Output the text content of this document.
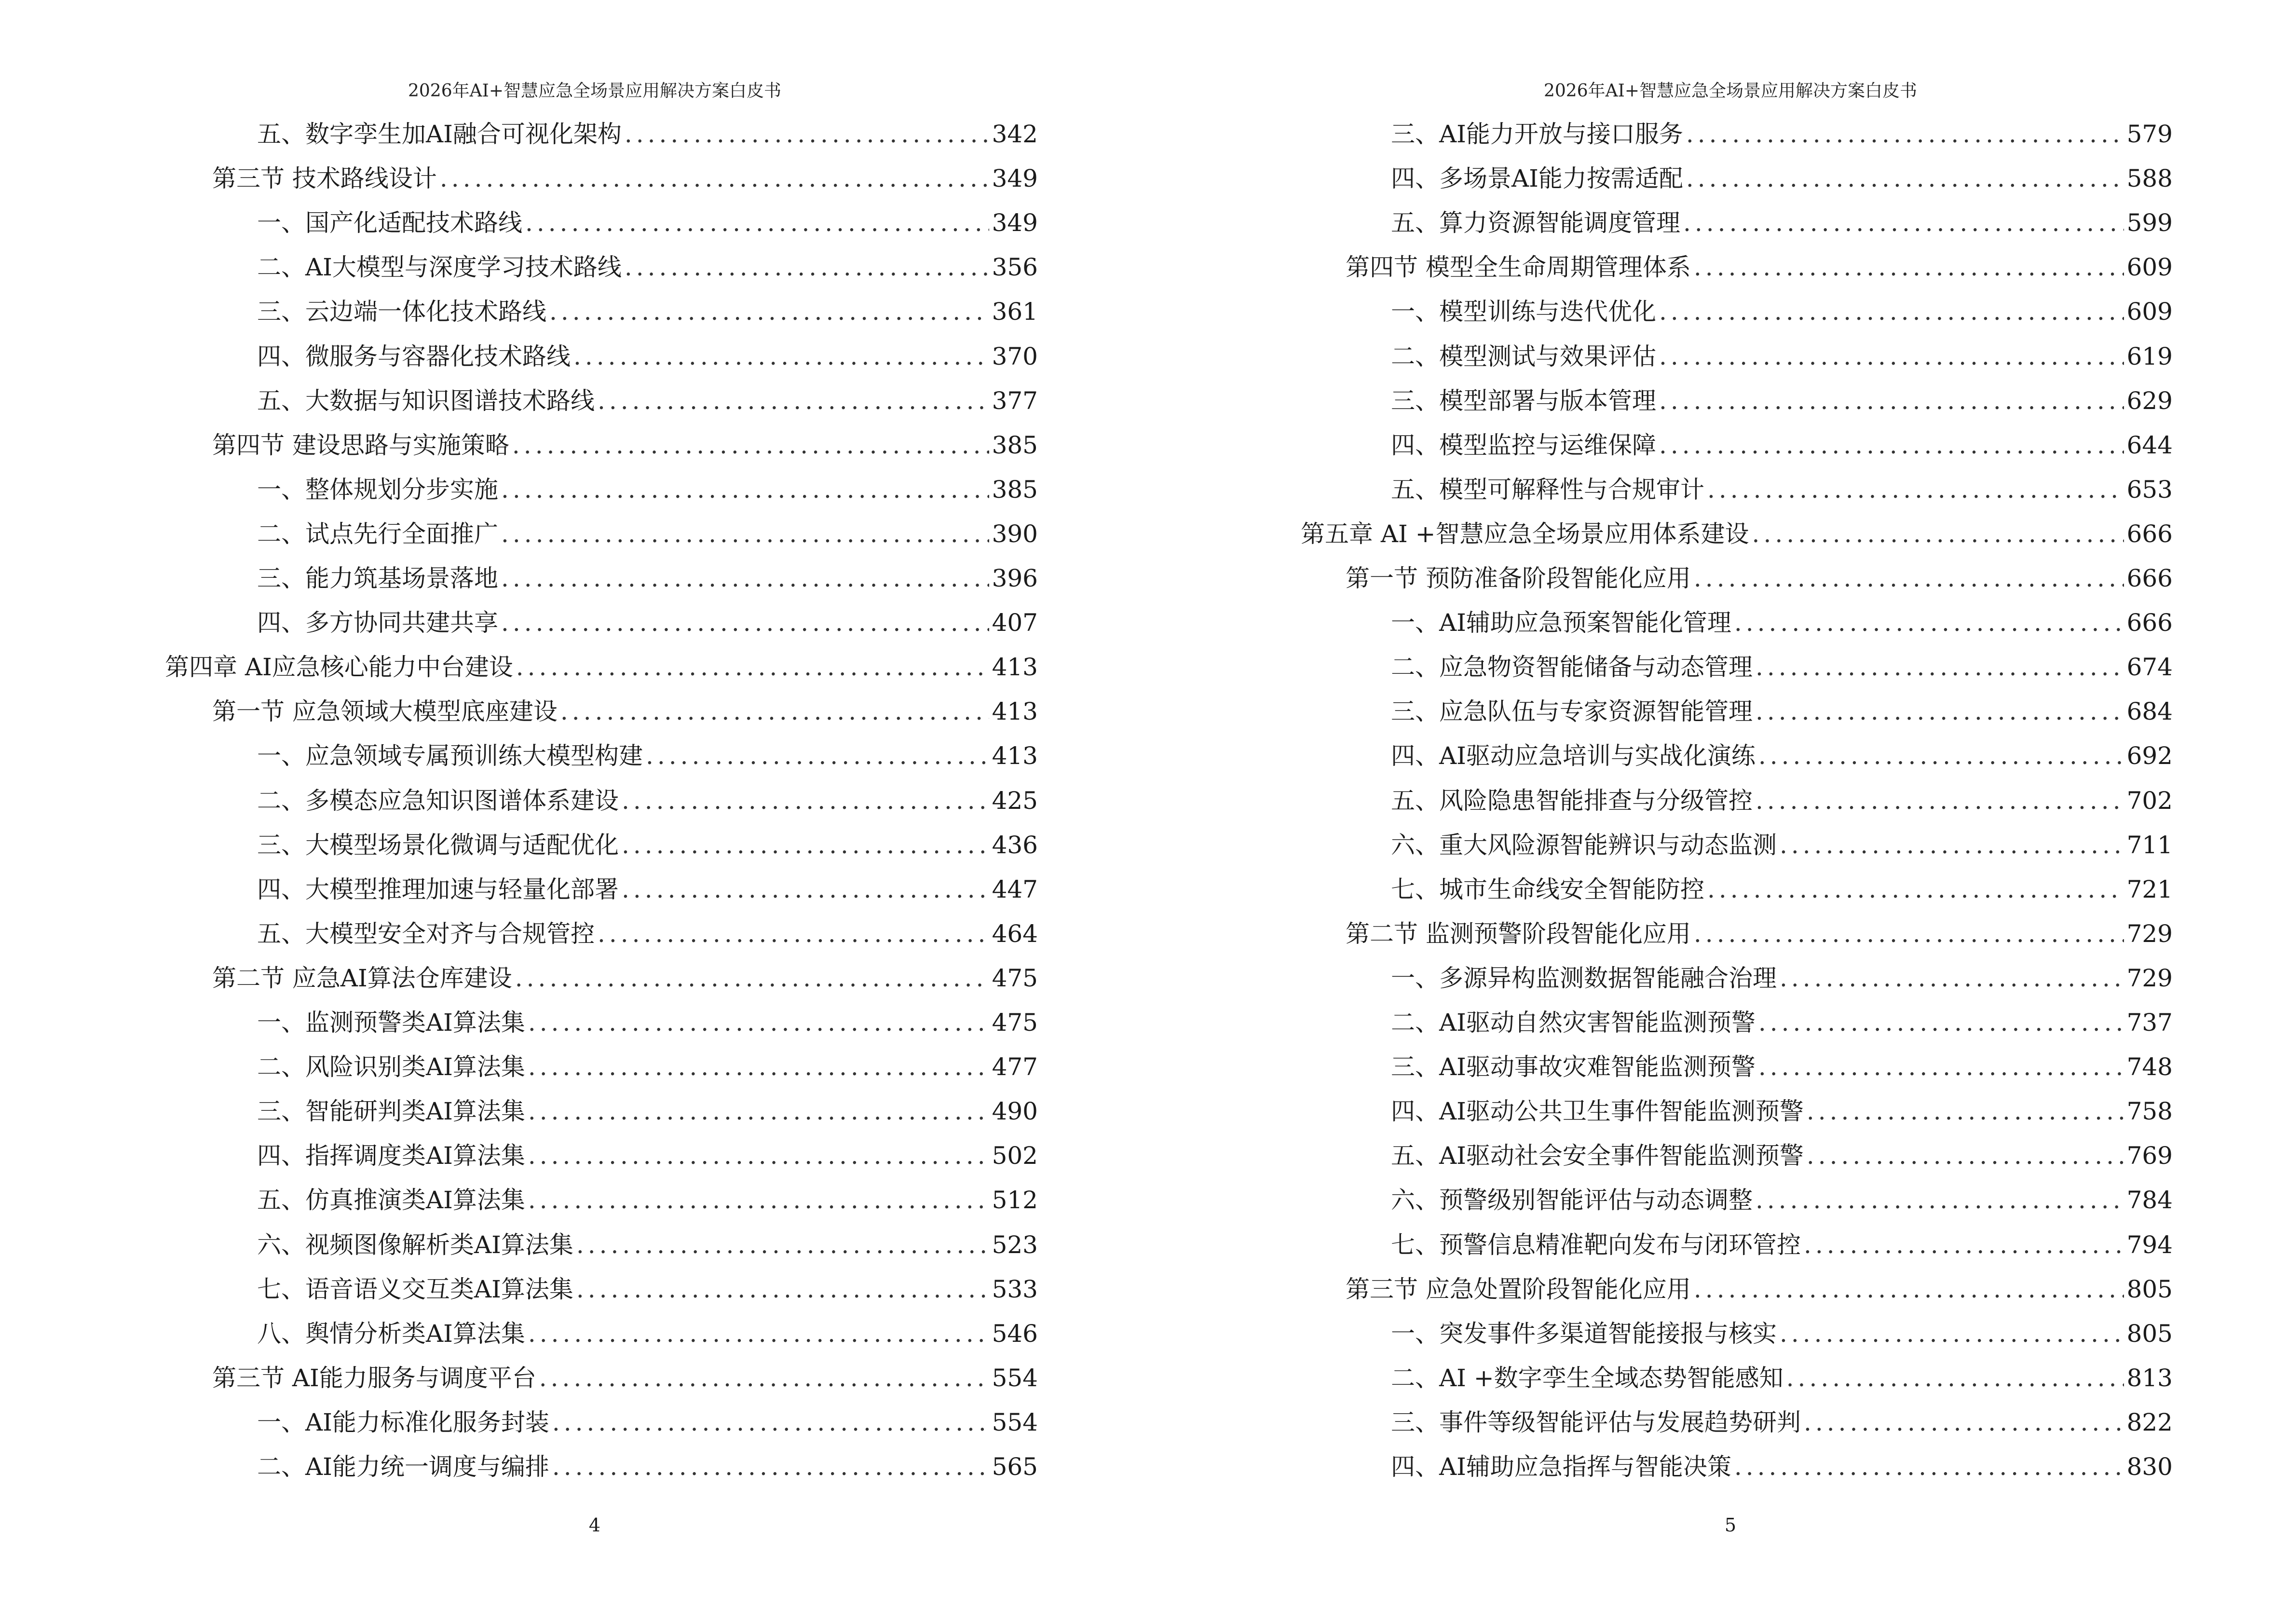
2026年AI+智慧应急全场景应用解决方案白皮书
五、数字孪生加AI融合可视化架构 .....	342
第三节 技术路线设计 .....	349
一、国产化适配技术路线 .....	349
二、AI大模型与深度学习技术路线 .....	356
三、云边端一体化技术路线 .....	361
四、微服务与容器化技术路线 .....	370
五、大数据与知识图谱技术路线 .....	377
第四节 建设思路与实施策略 .....	385
一、整体规划分步实施 .....	385
二、试点先行全面推广 .....	390
三、能力筑基场景落地 .....	396
四、多方协同共建共享 .....	407
第四章 AI应急核心能力中台建设 .....	413
第一节 应急领域大模型底座建设 .....	413
一、应急领域专属预训练大模型构建 .....	413
二、多模态应急知识图谱体系建设 .....	425
三、大模型场景化微调与适配优化 .....	436
四、大模型推理加速与轻量化部署 .....	447
五、大模型安全对齐与合规管控 .....	464
第二节 应急AI算法仓库建设 .....	475
一、监测预警类AI算法集 .....	475
二、风险识别类AI算法集 .....	477
三、智能研判类AI算法集 .....	490
四、指挥调度类AI算法集 .....	502
五、仿真推演类AI算法集 .....	512
六、视频图像解析类AI算法集 .....	523
七、语音语义交互类AI算法集 .....	533
八、舆情分析类AI算法集 .....	546
第三节 AI能力服务与调度平台 .....	554
一、AI能力标准化服务封装 .....	554
二、AI能力统一调度与编排 .....	565
4
2026年AI+智慧应急全场景应用解决方案白皮书
三、AI能力开放与接口服务 .....	579
四、多场景AI能力按需适配 .....	588
五、算力资源智能调度管理 .....	599
第四节 模型全生命周期管理体系 .....	609
一、模型训练与迭代优化 .....	609
二、模型测试与效果评估 .....	619
三、模型部署与版本管理 .....	629
四、模型监控与运维保障 .....	644
五、模型可解释性与合规审计 .....	653
第五章 AI +智慧应急全场景应用体系建设 .....	666
第一节 预防准备阶段智能化应用 .....	666
一、AI辅助应急预案智能化管理 .....	666
二、应急物资智能储备与动态管理 .....	674
三、应急队伍与专家资源智能管理 .....	684
四、AI驱动应急培训与实战化演练 .....	692
五、风险隐患智能排查与分级管控 .....	702
六、重大风险源智能辨识与动态监测 .....	711
七、城市生命线安全智能防控 .....	721
第二节 监测预警阶段智能化应用 .....	729
一、多源异构监测数据智能融合治理 .....	729
二、AI驱动自然灾害智能监测预警 .....	737
三、AI驱动事故灾难智能监测预警 .....	748
四、AI驱动公共卫生事件智能监测预警 .....	758
五、AI驱动社会安全事件智能监测预警 .....	769
六、预警级别智能评估与动态调整 .....	784
七、预警信息精准靶向发布与闭环管控 .....	794
第三节 应急处置阶段智能化应用 .....	805
一、突发事件多渠道智能接报与核实 .....	805
二、AI +数字孪生全域态势智能感知 .....	813
三、事件等级智能评估与发展趋势研判 .....	822
四、AI辅助应急指挥与智能决策 .....	830
5
